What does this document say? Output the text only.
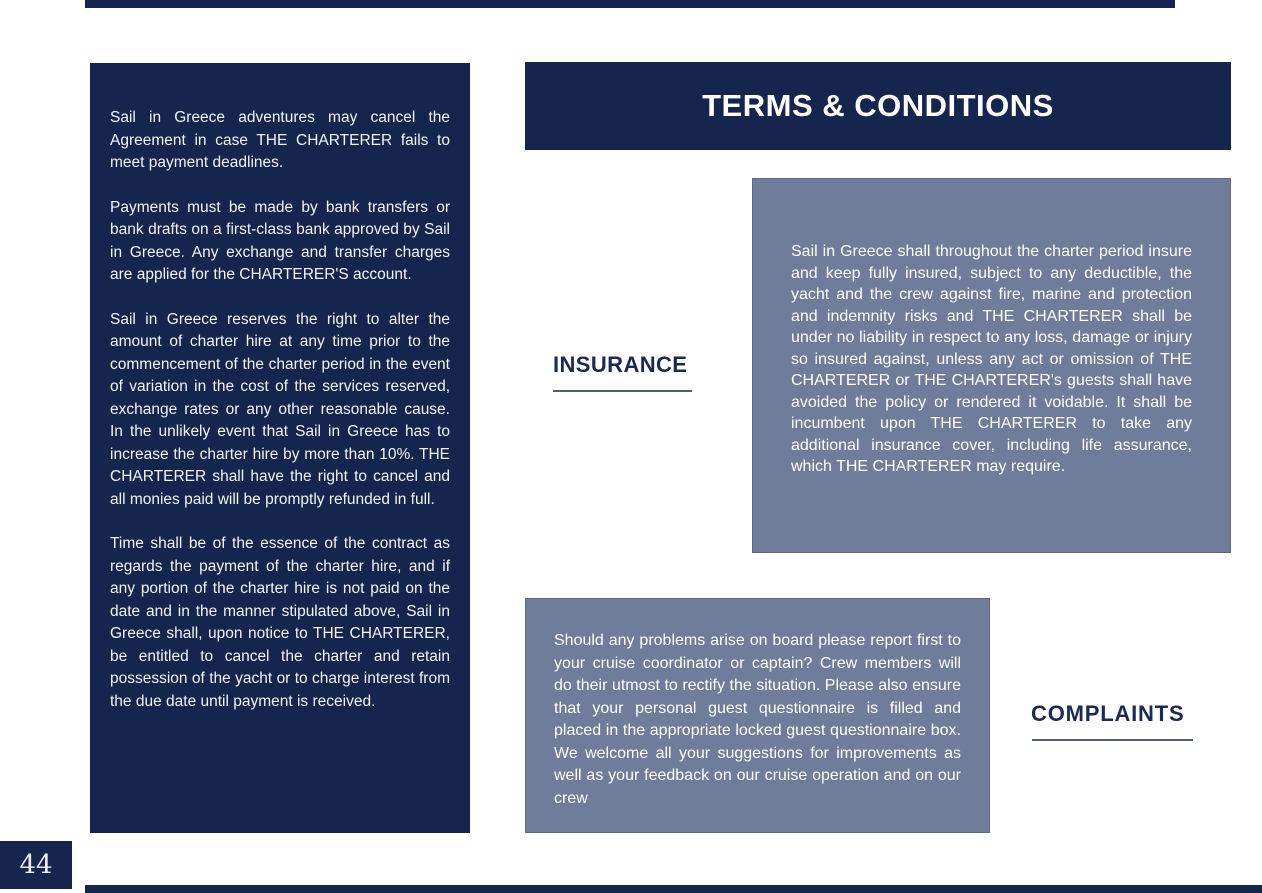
Sail in Greece adventures may cancel the Agreement in case THE CHARTERER fails to meet payment deadlines.

Payments must be made by bank transfers or bank drafts on a first-class bank approved by Sail in Greece. Any exchange and transfer charges are applied for the CHARTERER'S account.

Sail in Greece reserves the right to alter the amount of charter hire at any time prior to the commencement of the charter period in the event of variation in the cost of the services reserved, exchange rates or any other reasonable cause. In the unlikely event that Sail in Greece has to increase the charter hire by more than 10%. THE CHARTERER shall have the right to cancel and all monies paid will be promptly refunded in full.

Time shall be of the essence of the contract as regards the payment of the charter hire, and if any portion of the charter hire is not paid on the date and in the manner stipulated above, Sail in Greece shall, upon notice to THE CHARTERER, be entitled to cancel the charter and retain possession of the yacht or to charge interest from the due date until payment is received.

TERMS & CONDITIONS
INSURANCE
Sail in Greece shall throughout the charter period insure and keep fully insured, subject to any deductible, the yacht and the crew against fire, marine and protection and indemnity risks and THE CHARTERER shall be under no liability in respect to any loss, damage or injury so insured against, unless any act or omission of THE CHARTERER or THE CHARTERER's guests shall have avoided the policy or rendered it voidable. It shall be incumbent upon THE CHARTERER to take any additional insurance cover, including life assurance, which THE CHARTERER may require.
Should any problems arise on board please report first to your cruise coordinator or captain? Crew members will do their utmost to rectify the situation. Please also ensure that your personal guest questionnaire is filled and placed in the appropriate locked guest questionnaire box. We welcome all your suggestions for improvements as well as your feedback on our cruise operation and on our crew
COMPLAINTS
44
